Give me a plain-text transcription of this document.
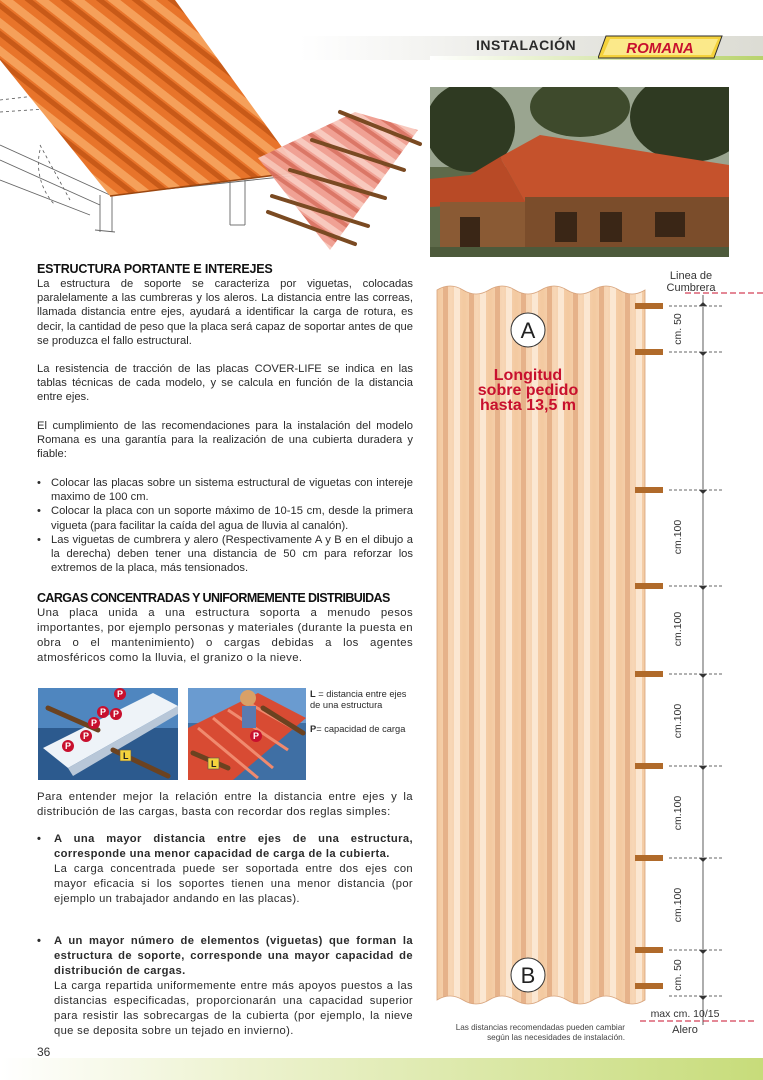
INSTALACIÓN	ROMANA
ESTRUCTURA PORTANTE E INTEREJES
La estructura de soporte se caracteriza por viguetas, colocadas paralelamente a las cumbreras y los aleros. La distancia entre las correas, llamada distancia entre ejes, ayudará a identificar la carga de rotura, es decir, la cantidad de peso que la placa será capaz de soportar antes de que se produzca el fallo estructural.
La resistencia de tracción de las placas COVER-LIFE se indica en las tablas técnicas de cada modelo, y se calcula en función de la distancia entre ejes.
El cumplimiento de las recomendaciones para la instalación del modelo Romana es una garantía para la realización de una cubierta duradera y fiable:
• Colocar las placas sobre un sistema estructural de viguetas con intereje maximo de 100 cm.
• Colocar la placa con un soporte máximo de 10-15 cm, desde la primera vigueta (para facilitar la caída del agua de lluvia al canalón).
• Las viguetas de cumbrera y alero (Respectivamente A y B en el dibujo a la derecha) deben tener una distancia de 50 cm para reforzar los extremos de la placa, más tensionados.
CARGAS CONCENTRADAS Y UNIFORMEMENTE DISTRIBUIDAS
Una placa unida a una estructura soporta a menudo pesos importantes, por ejemplo personas y materiales (durante la puesta en obra o el mantenimiento) o cargas debidas a los agentes atmosféricos como la lluvia, el granizo o la nieve.
P
P P
P
P
P
L
P
L
L = distancia entre ejes de una estructura
P= capacidad de carga
Para entender mejor la relación entre la distancia entre ejes y la distribución de las cargas, basta con recordar dos reglas simples:
• A una mayor distancia entre ejes de una estructura, corresponde una menor capacidad de carga de la cubierta.
La carga concentrada puede ser soportada entre dos ejes con mayor eficacia si los soportes tienen una menor distancia (por ejemplo un trabajador andando en las placas).
• A un mayor número de elementos (viguetas) que forman la estructura de soporte, corresponde una mayor capacidad de distribución de cargas.
La carga repartida uniformemente entre más apoyos puestos a las distancias especificadas, proporcionarán una capacidad superior para resistir las sobrecargas de la cubierta (por ejemplo, la nieve que se deposita sobre un tejado en invierno).
A
B
Longitud
sobre pedido
hasta 13,5 m
Linea de
Cumbrera
cm. 50
cm.100
cm.100
cm.100
cm.100
cm.100
cm. 50
max cm. 10/15
Alero
Las distancias recomendadas pueden cambiar
según las necesidades de instalación.
36
